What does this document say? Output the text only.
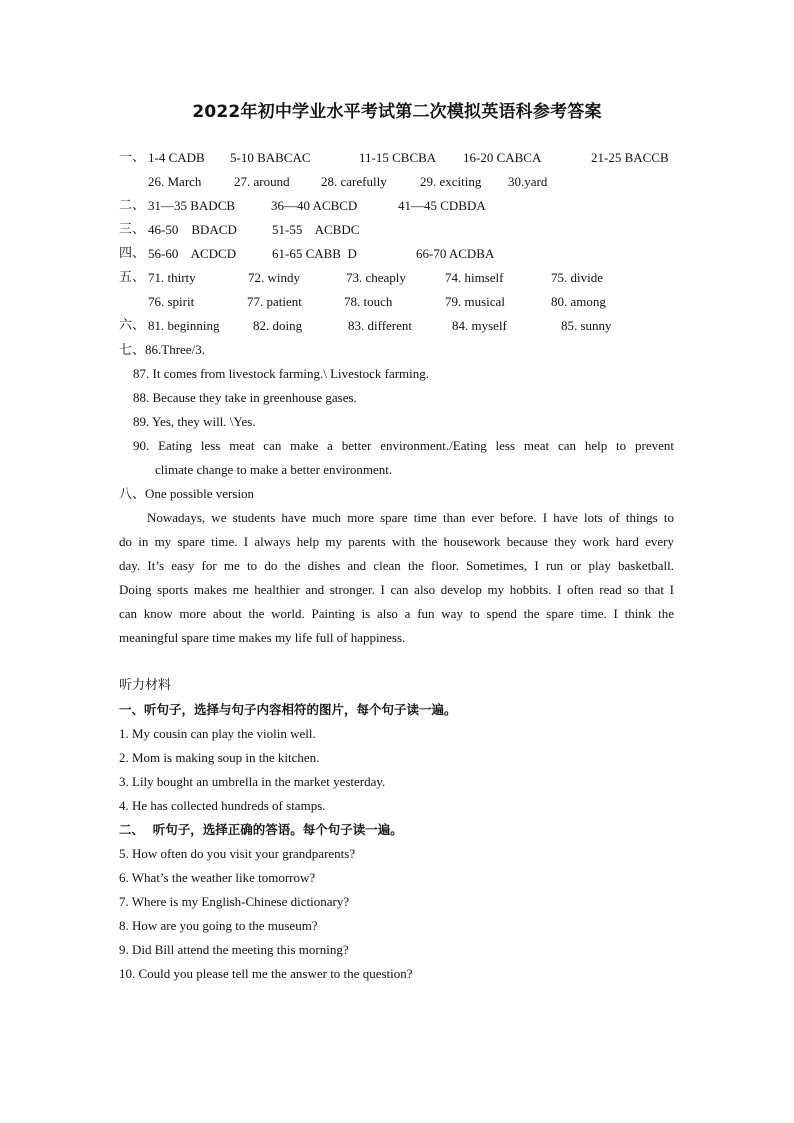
2022年初中学业水平考试第二次模拟英语科参考答案
一、 1-4 CADB 5-10 BABCAC	11-15 CBCBA 16-20 CABCA	21-25 BACCB
26. March	27. around 28. carefully	29. exciting 30.yard
二、 31—35 BADCB	36—40 ACBCD	41—45 CDBDA
三、 46-50    BDACD	51-55    ACBDC
四、 56-60    ACDCD	61-65 CABB  D	66-70 ACDBA
五、 71. thirty	72. windy	73. cheaply	74. himself	75. divide
76. spirit	77. patient	78. touch	79. musical	80. among
六、 81. beginning	82. doing	83. different	84. myself	85. sunny
七、86.Three/3.
87. It comes from livestock farming.\ Livestock farming.
88. Because they take in greenhouse gases.
89. Yes, they will. \Yes.
90. Eating less meat can make a better environment./Eating less meat can help to prevent
climate change to make a better environment.
八、One possible version
Nowadays, we students have much more spare time than ever before. I have lots of things to
do in my spare time. I always help my parents with the housework because they work hard every
day. It’s easy for me to do the dishes and clean the floor. Sometimes, I run or play basketball.
Doing sports makes me healthier and stronger. I can also develop my hobbits. I often read so that I
can know more about the world. Painting is also a fun way to spend the spare time. I think the
meaningful spare time makes my life full of happiness.
听力材料
一、听句子，选择与句子内容相符的图片，每个句子读一遍。
1. My cousin can play the violin well.
2. Mom is making soup in the kitchen.
3. Lily bought an umbrella in the market yesterday.
4. He has collected hundreds of stamps.
二、  听句子，选择正确的答语。每个句子读一遍。
5. How often do you visit your grandparents?
6. What’s the weather like tomorrow?
7. Where is my English-Chinese dictionary?
8. How are you going to the museum?
9. Did Bill attend the meeting this morning?
10. Could you please tell me the answer to the question?
